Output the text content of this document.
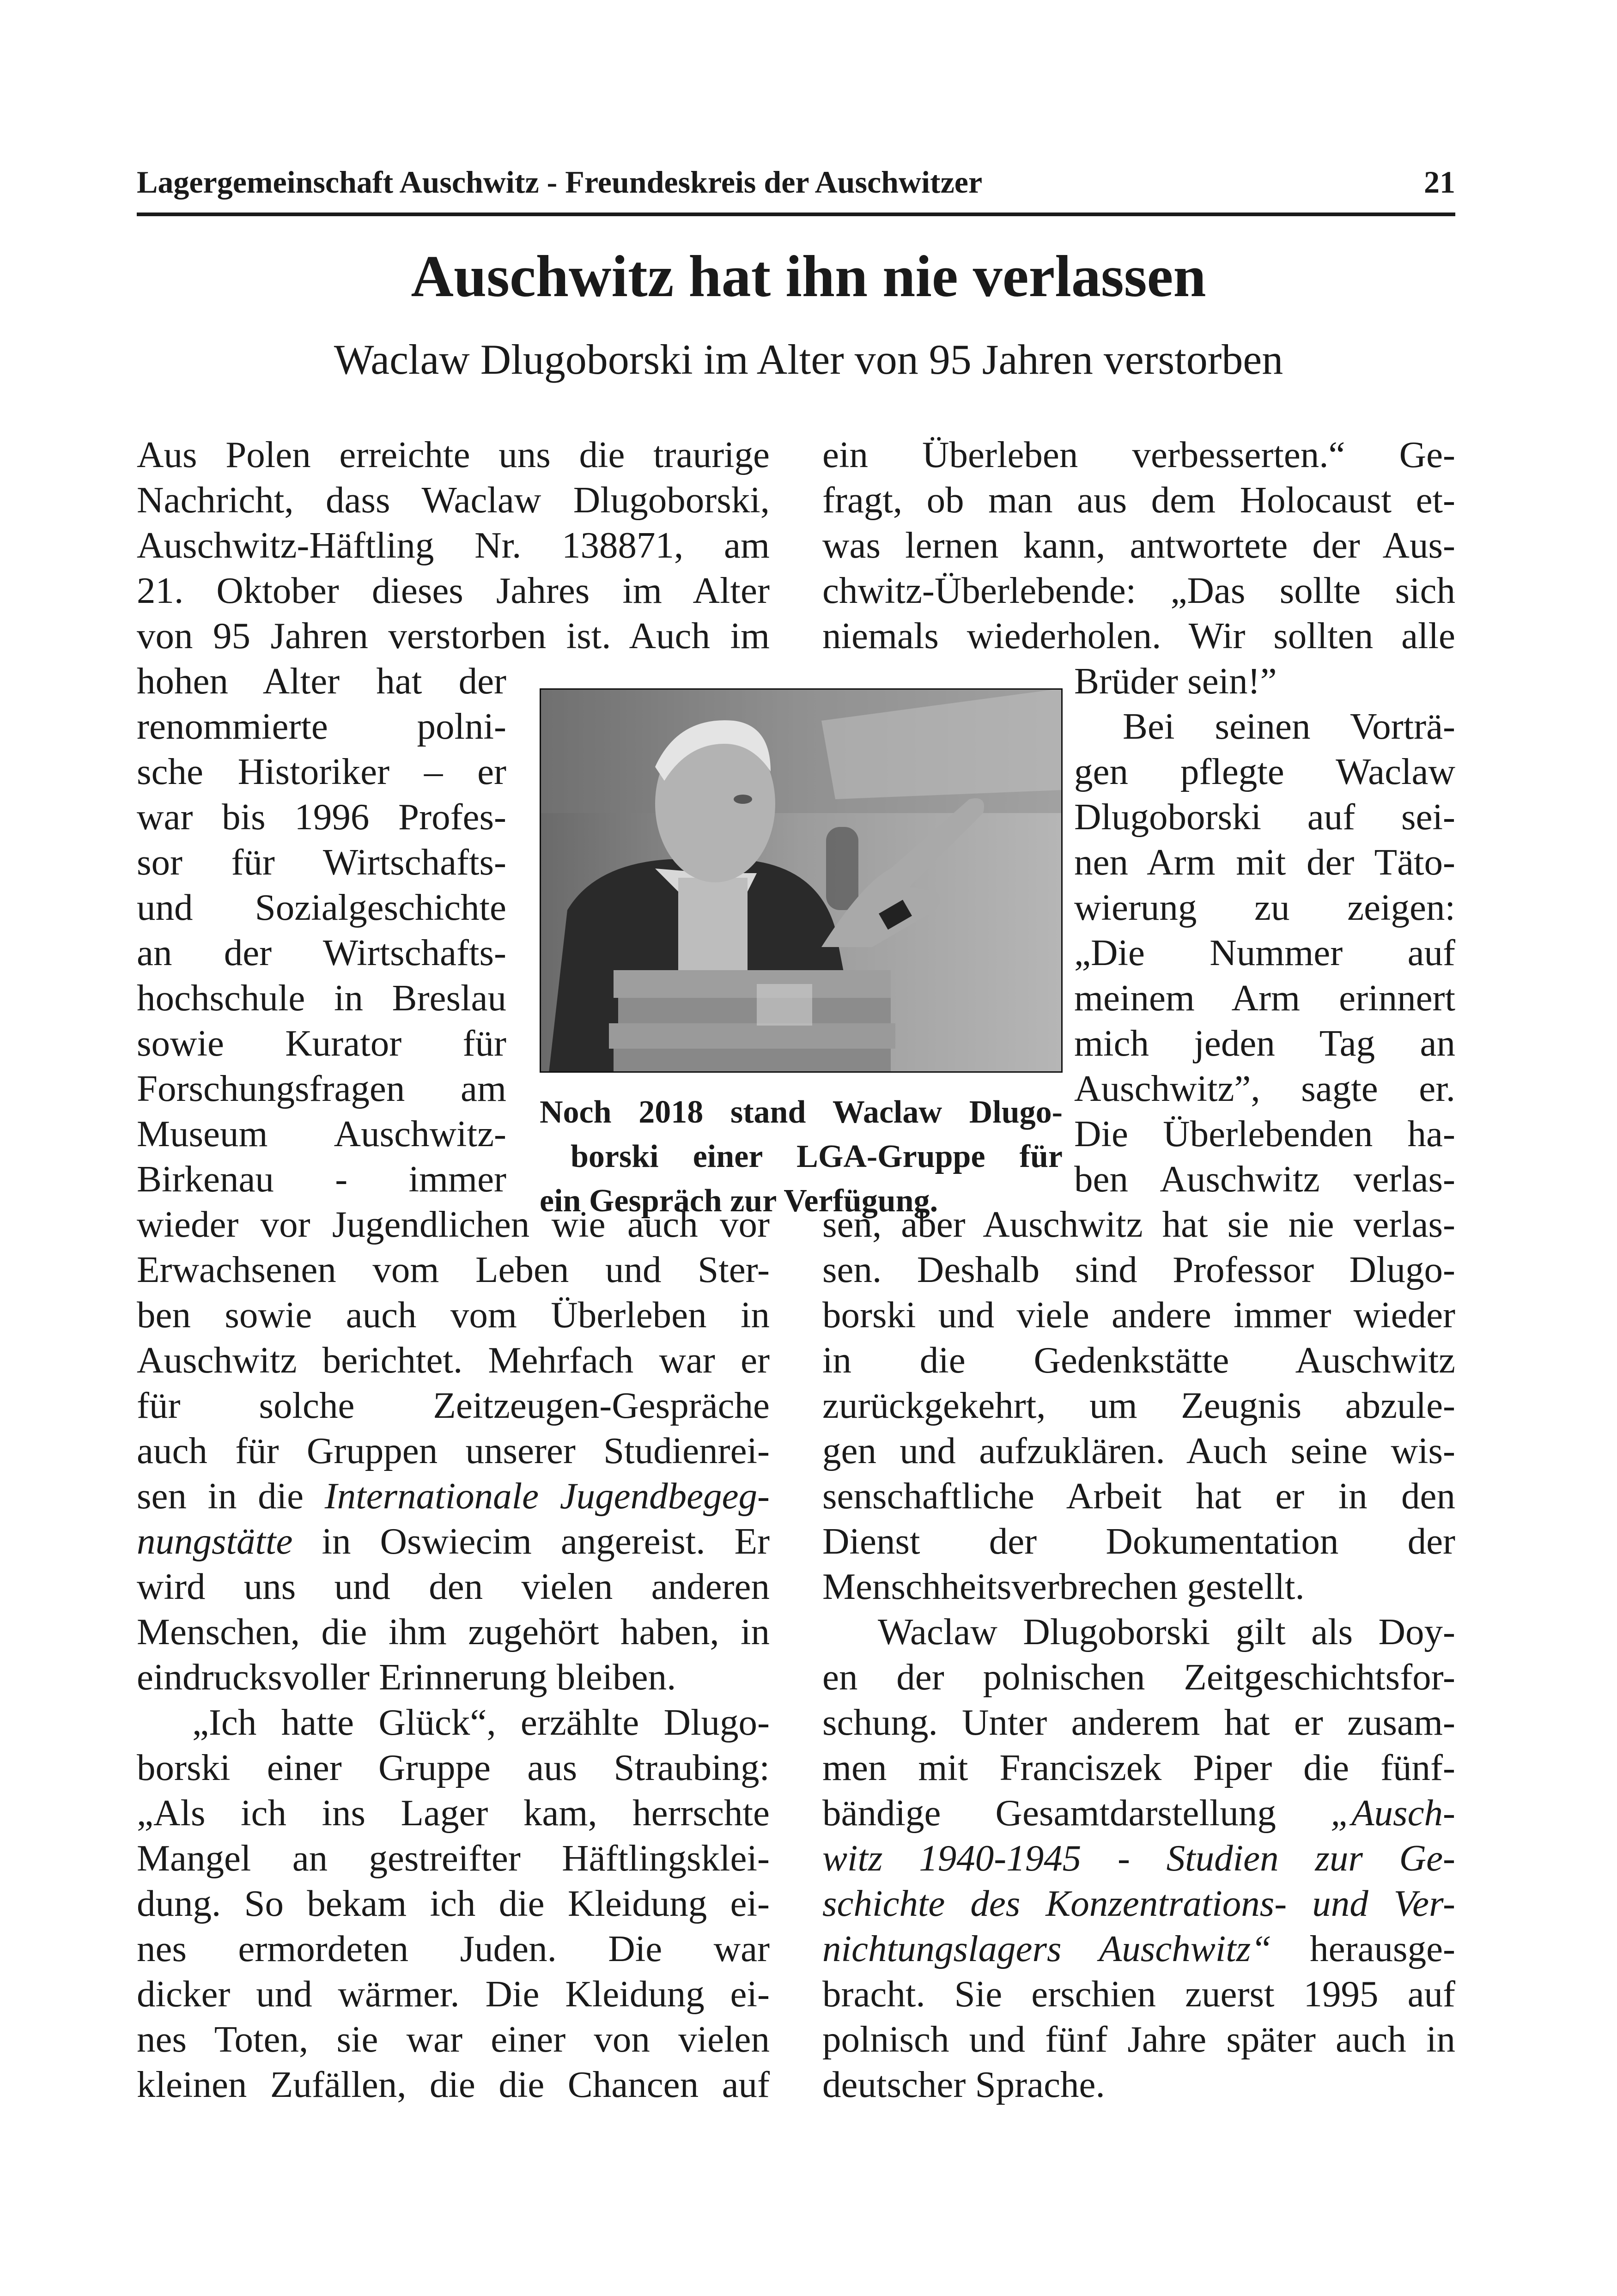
Lagergemeinschaft Auschwitz - Freundeskreis der Auschwitzer	21
Auschwitz hat ihn nie verlassen
Waclaw Dlugoborski im Alter von 95 Jahren verstorben
Noch 2018 stand Waclaw Dlugo-
borski einer LGA-Gruppe für
ein Gespräch zur Verfügung.
Aus Polen erreichte uns die traurige
Nachricht, dass Waclaw Dlugoborski,
Auschwitz-Häftling Nr. 138871, am
21. Oktober dieses Jahres im Alter
von 95 Jahren verstorben ist. Auch im
hohen Alter hat der
renommierte polni-
sche Historiker – er
war bis 1996 Profes-
sor für Wirtschafts-
und Sozialgeschichte
an der Wirtschafts-
hochschule in Breslau
sowie Kurator für
Forschungsfragen am
Museum Auschwitz-
Birkenau - immer
wieder vor Jugendlichen wie auch vor
Erwachsenen vom Leben und Ster-
ben sowie auch vom Überleben in
Auschwitz berichtet. Mehrfach war er
für solche Zeitzeugen-Gespräche
auch für Gruppen unserer Studienrei-
sen in die Internationale Jugendbegeg-
nungstätte in Oswiecim angereist. Er
wird uns und den vielen anderen
Menschen, die ihm zugehört haben, in
eindrucksvoller Erinnerung bleiben.
„Ich hatte Glück“, erzählte Dlugo-
borski einer Gruppe aus Straubing:
„Als ich ins Lager kam, herrschte
Mangel an gestreifter Häftlingsklei-
dung. So bekam ich die Kleidung ei-
nes ermordeten Juden. Die war
dicker und wärmer. Die Kleidung ei-
nes Toten, sie war einer von vielen
kleinen Zufällen, die die Chancen auf
ein Überleben verbesserten.“ Ge-
fragt, ob man aus dem Holocaust et-
was lernen kann, antwortete der Aus-
chwitz-Überlebende: „Das sollte sich
niemals wiederholen. Wir sollten alle
Brüder sein!”
Bei seinen Vorträ-
gen pflegte Waclaw
Dlugoborski auf sei-
nen Arm mit der Täto-
wierung zu zeigen:
„Die Nummer auf
meinem Arm erinnert
mich jeden Tag an
Auschwitz”, sagte er.
Die Überlebenden ha-
ben Auschwitz verlas-
sen, aber Auschwitz hat sie nie verlas-
sen. Deshalb sind Professor Dlugo-
borski und viele andere immer wieder
in die Gedenkstätte Auschwitz
zurückgekehrt, um Zeugnis abzule-
gen und aufzuklären. Auch seine wis-
senschaftliche Arbeit hat er in den
Dienst der Dokumentation der
Menschheitsverbrechen gestellt.
Waclaw Dlugoborski gilt als Doy-
en der polnischen Zeitgeschichtsfor-
schung. Unter anderem hat er zusam-
men mit Franciszek Piper die fünf-
bändige Gesamtdarstellung „Ausch-
witz 1940-1945 - Studien zur Ge-
schichte des Konzentrations- und Ver-
nichtungslagers Auschwitz“ herausge-
bracht. Sie erschien zuerst 1995 auf
polnisch und fünf Jahre später auch in
deutscher Sprache.
